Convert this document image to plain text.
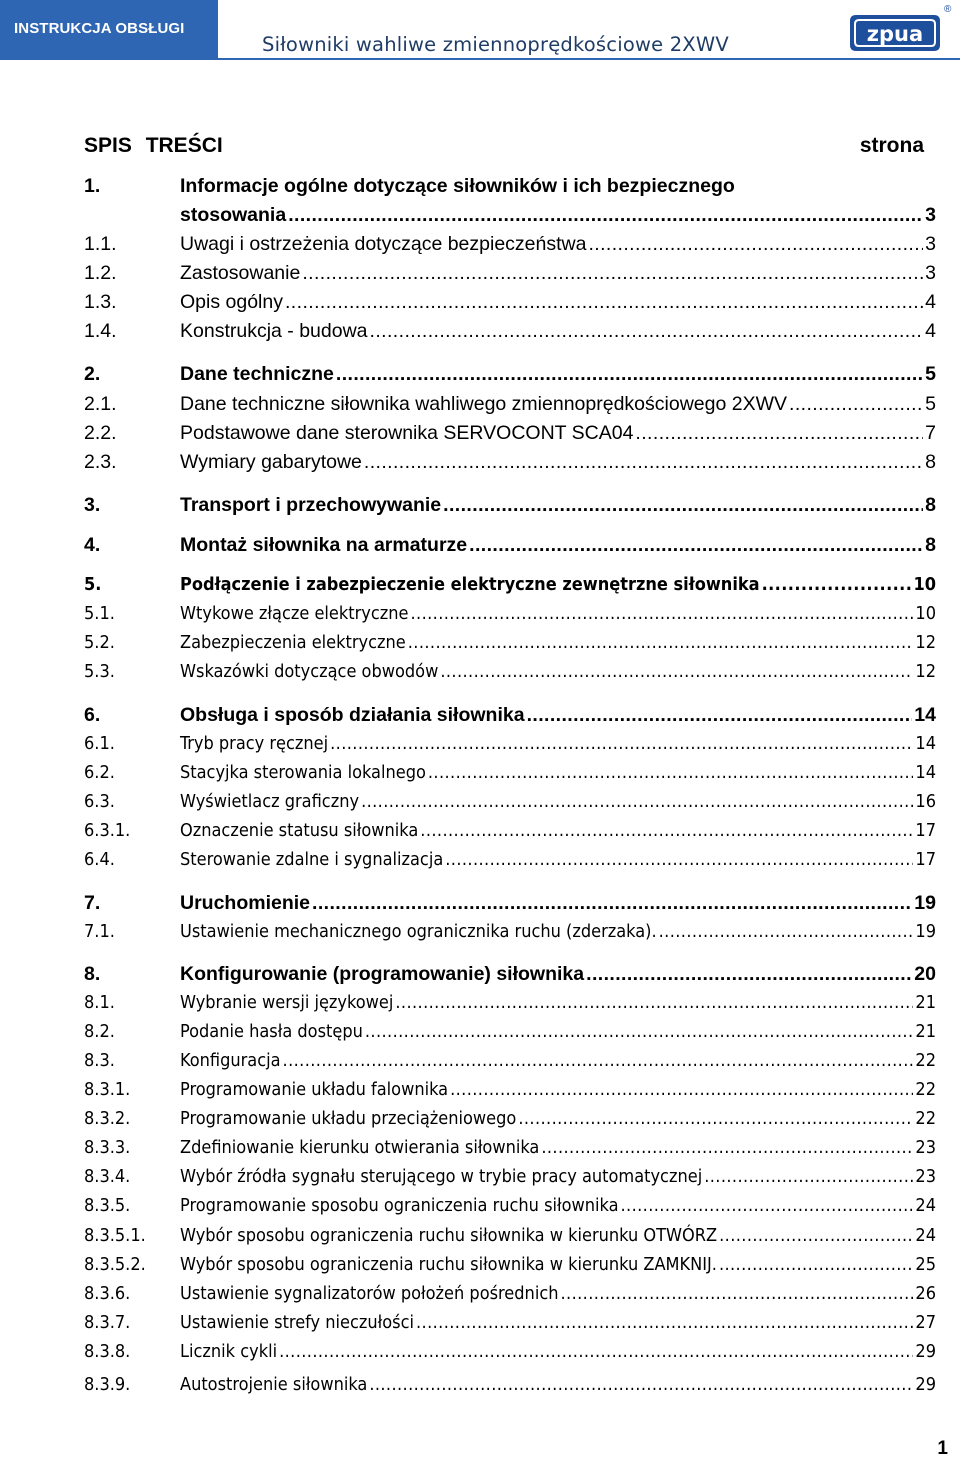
INSTRUKCJA OBSŁUGI
Siłowniki wahliwe zmiennoprędkościowe 2XWV	zpua
®
SPIS TREŚCI	strona
1.	Informacje ogólne dotyczące siłowników i ich bezpiecznego
stosowania .....	3
1.1.	Uwagi i ostrzeżenia dotyczące bezpieczeństwa .....	3
1.2.	Zastosowanie .....	3
1.3.	Opis ogólny .....	4
1.4.	Konstrukcja - budowa .....	4
2.	Dane techniczne .....	5
2.1.	Dane techniczne siłownika wahliwego zmiennoprędkościowego 2XWV .....	5
2.2.	Podstawowe dane sterownika SERVOCONT SCA04 .....	7
2.3.	Wymiary gabarytowe .....	8
3.	Transport i przechowywanie .....	8
4.	Montaż siłownika na armaturze .....	8
5.	Podłączenie i zabezpieczenie elektryczne zewnętrzne siłownika .....	10
5.1.	Wtykowe złącze elektryczne .....	10
5.2.	Zabezpieczenia elektryczne .....	12
5.3.	Wskazówki dotyczące obwodów .....	12
6.	Obsługa i sposób działania siłownika .....	14
6.1.	Tryb pracy ręcznej .....	14
6.2.	Stacyjka sterowania lokalnego .....	14
6.3.	Wyświetlacz graficzny .....	16
6.3.1.	Oznaczenie statusu siłownika .....	17
6.4.	Sterowanie zdalne i sygnalizacja .....	17
7.	Uruchomienie .....	19
7.1.	Ustawienie mechanicznego ogranicznika ruchu (zderzaka). .....	19
8.	Konfigurowanie (programowanie) siłownika .....	20
8.1.	Wybranie wersji językowej .....	21
8.2.	Podanie hasła dostępu .....	21
8.3.	Konfiguracja .....	22
8.3.1.	Programowanie układu falownika .....	22
8.3.2.	Programowanie układu przeciążeniowego .....	22
8.3.3.	Zdefiniowanie kierunku otwierania siłownika .....	23
8.3.4.	Wybór źródła sygnału sterującego w trybie pracy automatycznej .....	23
8.3.5.	Programowanie sposobu ograniczenia ruchu siłownika .....	24
8.3.5.1. Wybór sposobu ograniczenia ruchu siłownika w kierunku OTWÓRZ .....	24
8.3.5.2. Wybór sposobu ograniczenia ruchu siłownika w kierunku ZAMKNIJ. .....	25
8.3.6.	Ustawienie sygnalizatorów położeń pośrednich .....	26
8.3.7.	Ustawienie strefy nieczułości .....	27
8.3.8.	Licznik cykli .....	29
8.3.9.	Autostrojenie siłownika .....	29
1
